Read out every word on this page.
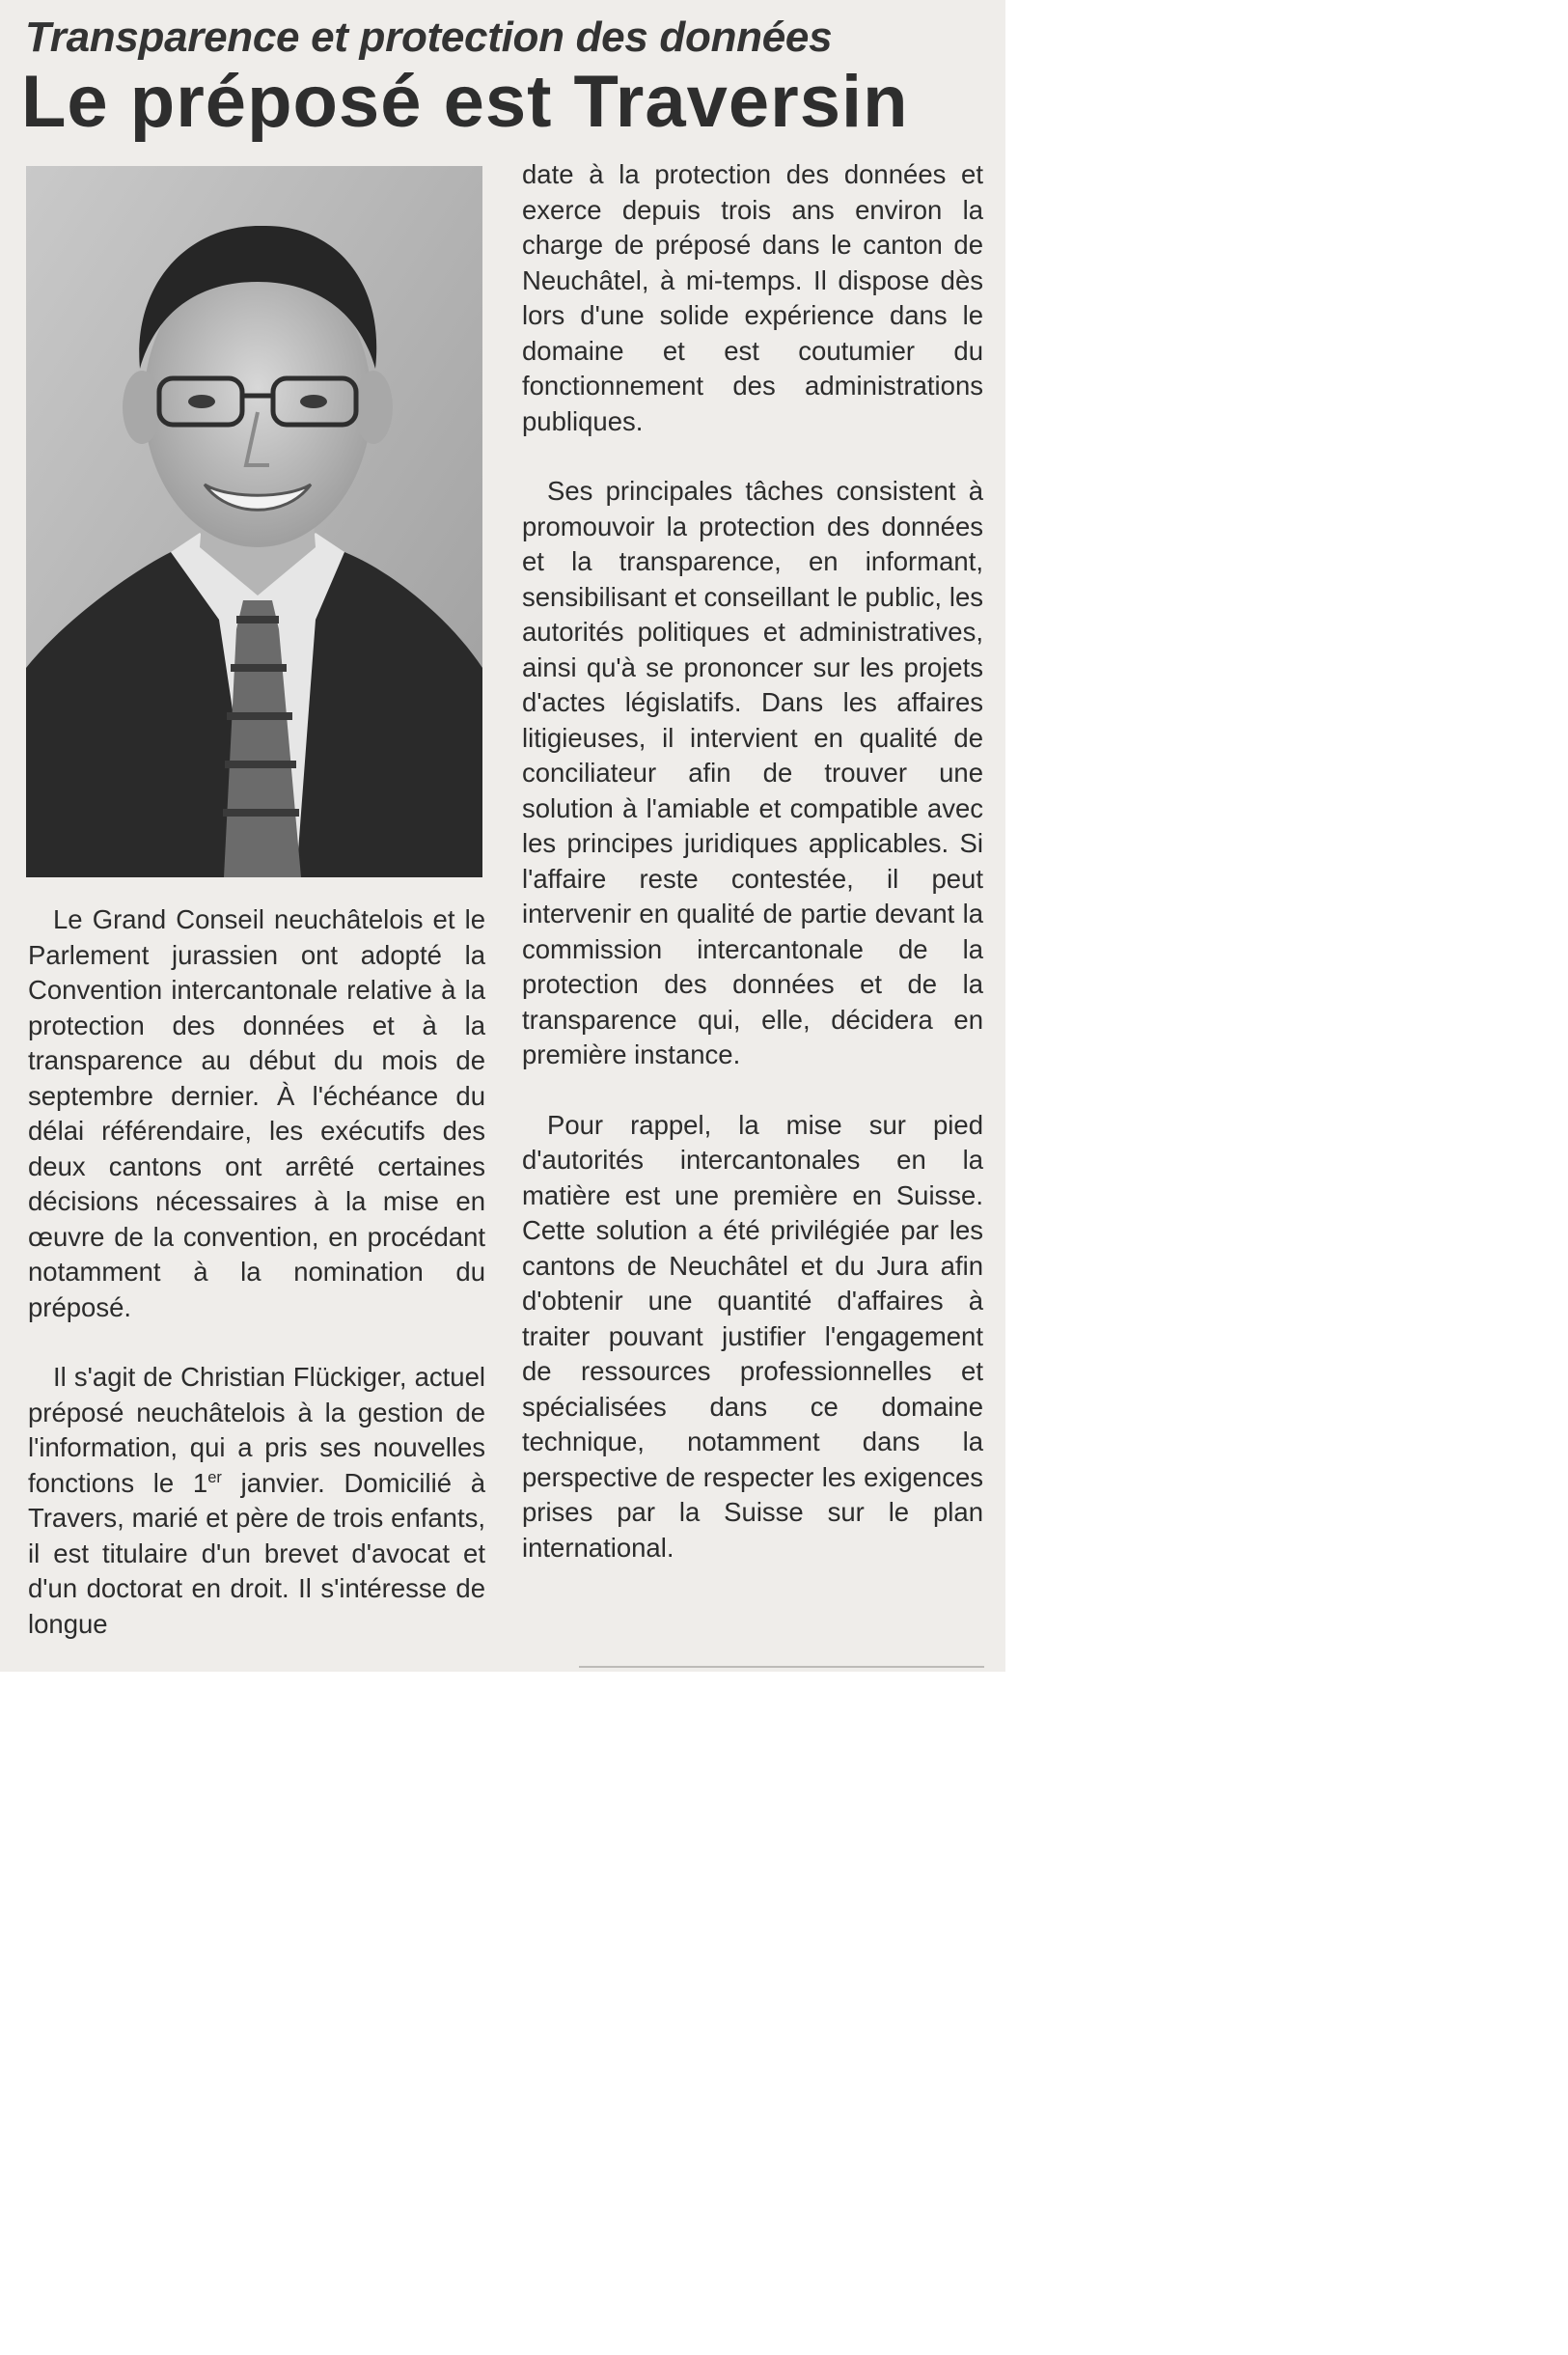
Transparence et protection des données
Le préposé est Traversin

Le Grand Conseil neuchâtelois et le Parlement jurassien ont adopté la Convention intercantonale relative à la protection des données et à la transparence au début du mois de septembre dernier. À l'échéance du délai référendaire, les exécutifs des deux cantons ont arrêté certaines décisions nécessaires à la mise en œuvre de la convention, en procédant notamment à la nomination du préposé.

Il s'agit de Christian Flückiger, actuel préposé neuchâtelois à la gestion de l'information, qui a pris ses nouvelles fonctions le 1er janvier. Domicilié à Travers, marié et père de trois enfants, il est titulaire d'un brevet d'avocat et d'un doctorat en droit. Il s'intéresse de longue

date à la protection des données et exerce depuis trois ans environ la charge de préposé dans le canton de Neuchâtel, à mi-temps. Il dispose dès lors d'une solide expérience dans le domaine et est coutumier du fonctionnement des administrations publiques.

Ses principales tâches consistent à promouvoir la protection des données et la transparence, en informant, sensibilisant et conseillant le public, les autorités politiques et administratives, ainsi qu'à se prononcer sur les projets d'actes législatifs. Dans les affaires litigieuses, il intervient en qualité de conciliateur afin de trouver une solution à l'amiable et compatible avec les principes juridiques applicables. Si l'affaire reste contestée, il peut intervenir en qualité de partie devant la commission intercantonale de la protection des données et de la transparence qui, elle, décidera en première instance.

Pour rappel, la mise sur pied d'autorités intercantonales en la matière est une première en Suisse. Cette solution a été privilégiée par les cantons de Neuchâtel et du Jura afin d'obtenir une quantité d'affaires à traiter pouvant justifier l'engagement de ressources professionnelles et spécialisées dans ce domaine technique, notamment dans la perspective de respecter les exigences prises par la Suisse sur le plan international.
